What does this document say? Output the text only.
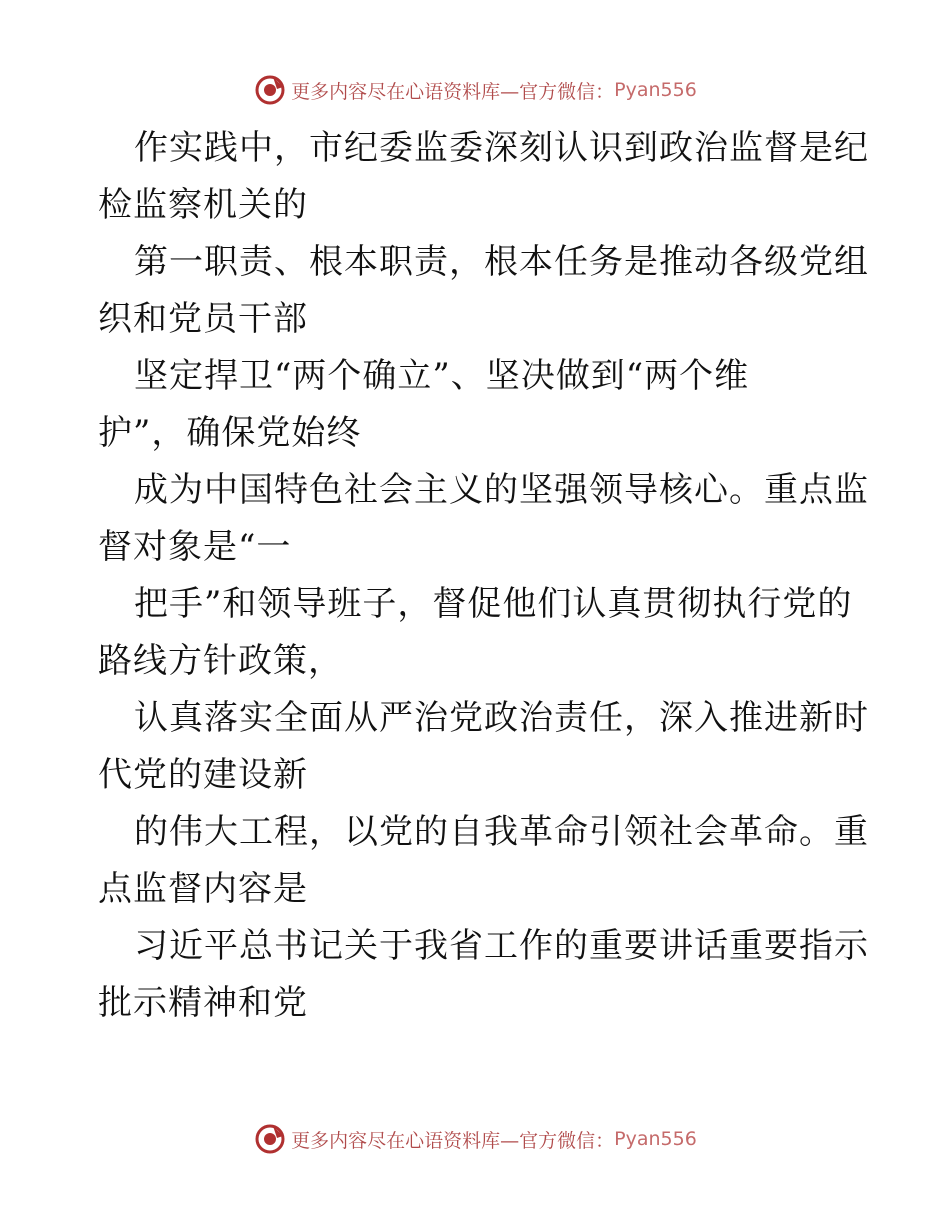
更多内容尽在心语资料库—官方微信： Pyan556
作实践中，市纪委监委深刻认识到政治监督是纪
检监察机关的
第一职责、根本职责，根本任务是推动各级党组
织和党员干部
坚定捍卫“两个确立”、坚决做到“两个维
护”，确保党始终
成为中国特色社会主义的坚强领导核心。重点监
督对象是“一
把手”和领导班子，督促他们认真贯彻执行党的
路线方针政策，
认真落实全面从严治党政治责任，深入推进新时
代党的建设新
的伟大工程，以党的自我革命引领社会革命。重
点监督内容是
习近平总书记关于我省工作的重要讲话重要指示
批示精神和党
更多内容尽在心语资料库—官方微信： Pyan556
